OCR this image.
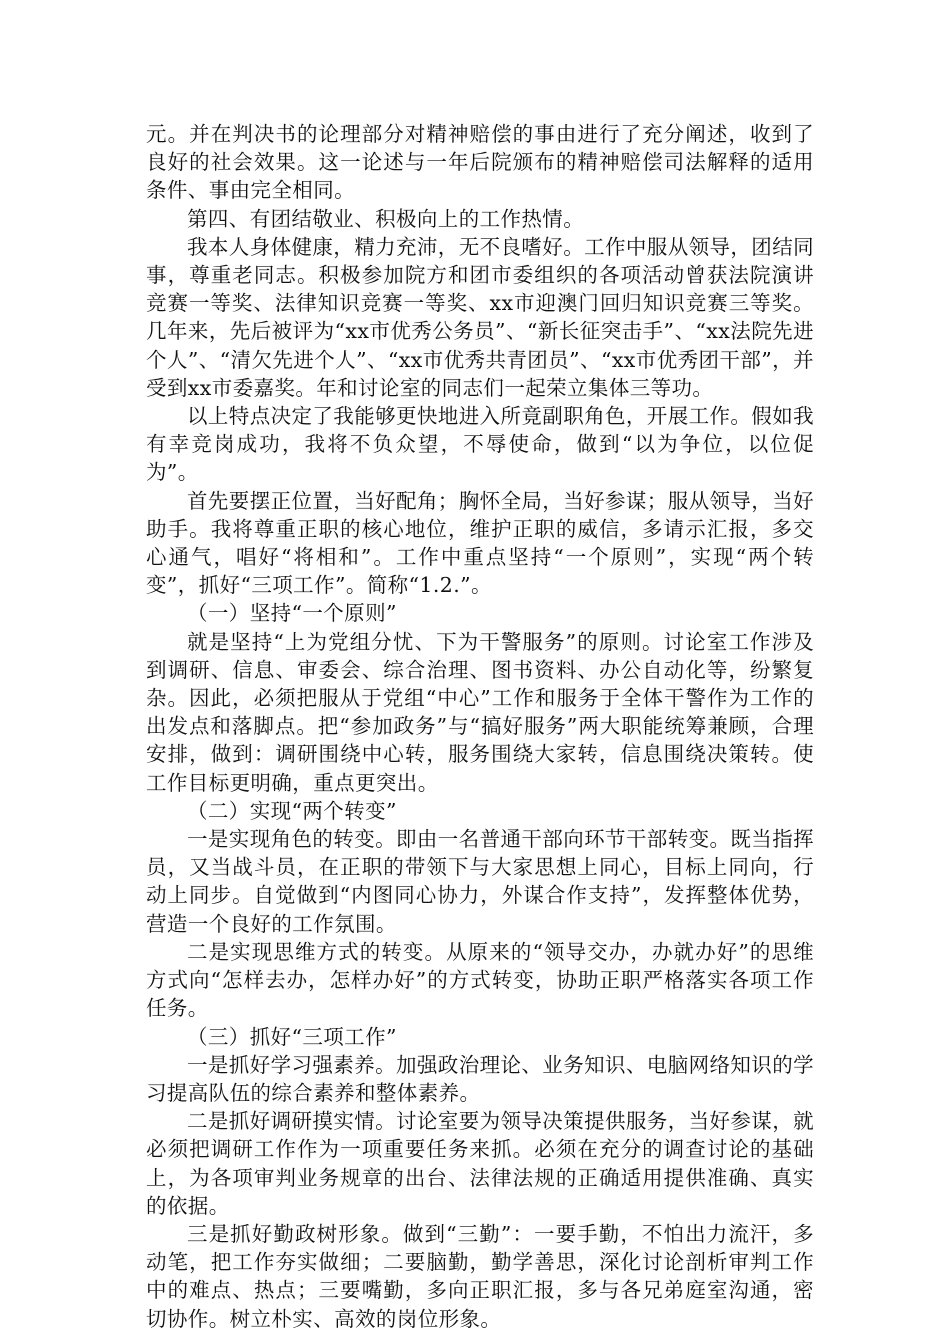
元。并在判决书的论理部分对精神赔偿的事由进行了充分阐述，收到了良好的社会效果。这一论述与一年后院颁布的精神赔偿司法解释的适用条件、事由完全相同。

第四、有团结敬业、积极向上的工作热情。

我本人身体健康，精力充沛，无不良嗜好。工作中服从领导，团结同事，尊重老同志。积极参加院方和团市委组织的各项活动曾获法院演讲竞赛一等奖、法律知识竞赛一等奖、xx市迎澳门回归知识竞赛三等奖。几年来，先后被评为“xx市优秀公务员”、“新长征突击手”、“xx法院先进个人”、“清欠先进个人”、“xx市优秀共青团员”、“xx市优秀团干部”，并受到xx市委嘉奖。年和讨论室的同志们一起荣立集体三等功。

以上特点决定了我能够更快地进入所竟副职角色，开展工作。假如我有幸竞岗成功，我将不负众望，不辱使命，做到“以为争位，以位促为”。

首先要摆正位置，当好配角；胸怀全局，当好参谋；服从领导，当好助手。我将尊重正职的核心地位，维护正职的威信，多请示汇报，多交心通气，唱好“将相和”。工作中重点坚持“一个原则”，实现“两个转变”，抓好“三项工作”。简称“1.2.”。

（一）坚持“一个原则”

就是坚持“上为党组分忧、下为干警服务”的原则。讨论室工作涉及到调研、信息、审委会、综合治理、图书资料、办公自动化等，纷繁复杂。因此，必须把服从于党组“中心”工作和服务于全体干警作为工作的出发点和落脚点。把“参加政务”与“搞好服务”两大职能统筹兼顾，合理安排，做到：调研围绕中心转，服务围绕大家转，信息围绕决策转。使工作目标更明确，重点更突出。

（二）实现“两个转变”

一是实现角色的转变。即由一名普通干部向环节干部转变。既当指挥员，又当战斗员，在正职的带领下与大家思想上同心，目标上同向，行动上同步。自觉做到“内图同心协力，外谋合作支持”，发挥整体优势，营造一个良好的工作氛围。

二是实现思维方式的转变。从原来的“领导交办，办就办好”的思维方式向“怎样去办，怎样办好”的方式转变，协助正职严格落实各项工作任务。

（三）抓好“三项工作”

一是抓好学习强素养。加强政治理论、业务知识、电脑网络知识的学习提高队伍的综合素养和整体素养。

二是抓好调研摸实情。讨论室要为领导决策提供服务，当好参谋，就必须把调研工作作为一项重要任务来抓。必须在充分的调查讨论的基础上，为各项审判业务规章的出台、法律法规的正确适用提供准确、真实的依据。

三是抓好勤政树形象。做到“三勤”：一要手勤，不怕出力流汗，多动笔，把工作夯实做细；二要脑勤，勤学善思，深化讨论剖析审判工作中的难点、热点；三要嘴勤，多向正职汇报，多与各兄弟庭室沟通，密切协作。树立朴实、高效的岗位形象。
